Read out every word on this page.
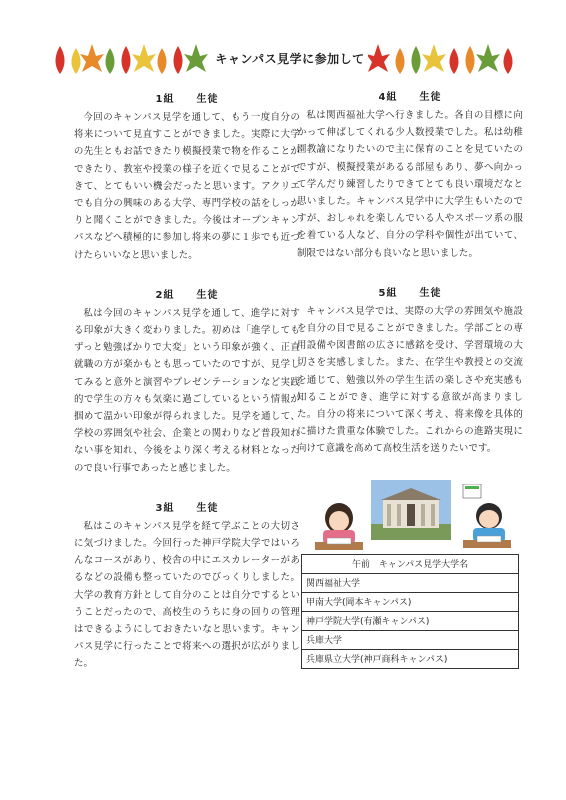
キャンパス見学に参加して
1組　　生徒

今回のキャンパス見学を通して、もう一度自分の将来について見直すことができました。実際に大学の先生ともお話できたり模擬授業で物を作ることができたり、教室や授業の様子を近くで見ることができて、とてもいい機会だったと思います。アクリエでも自分の興味のある大学、専門学校の話をしっかりと聞くことができました。今後はオープンキャンパスなどへ積極的に参加し将来の夢に１歩でも近づけたらいいなと思いました。

2組　　生徒

私は今回のキャンパス見学を通して、進学に対する印象が大きく変わりました。初めは「進学してもずっと勉強ばかりで大変」という印象が強く、正直就職の方が楽かもとも思っていたのですが、見学してみると意外と演習やプレゼンテーションなど実践的で学生の方々も気楽に過ごしているという情報が掴めて温かい印象が得られました。見学を通して、学校の雰囲気や社会、企業との関わりなど普段知れない事を知れ、今後をより深く考える材料となったので良い行事であったと感じました。

3組　　生徒

私はこのキャンパス見学を経て学ぶことの大切さに気づけました。今回行った神戸学院大学ではいろんなコースがあり、校舎の中にエスカレーターがあるなどの設備も整っていたのでびっくりしました。大学の教育方針として自分のことは自分でするということだったので、高校生のうちに身の回りの管理はできるようにしておきたいなと思います。キャンパス見学に行ったことで将来への選択が広がりました。

4組　　生徒

私は関西福祉大学へ行きました。各自の目標に向かって伸ばしてくれる少人数授業でした。私は幼稚園教諭になりたいので主に保育のことを見ていたのですが、模擬授業があるる部屋もあり、夢へ向かって学んだり練習したりできてとても良い環境だなと思いました。キャンパス見学中に大学生もいたのですが、おしゃれを楽しんでいる人やスポーツ系の服を着ている人など、自分の学科や個性が出ていて、制限ではない部分も良いなと思いました。

5組　　生徒

キャンパス見学では、実際の大学の雰囲気や施設を自分の目で見ることができました。学部ごとの専用設備や図書館の広さに感銘を受け、学習環境の大切さを実感しました。また、在学生や教授との交流を通じて、勉強以外の学生生活の楽しさや充実感も知ることができ、進学に対する意欲が高まりました。自分の将来について深く考え、将来像を具体的に描けた貴重な体験でした。これからの進路実現に向けて意識を高めて高校生活を送りたいです。

午前　キャンパス見学大学名
関西福祉大学
甲南大学(岡本キャンパス)
神戸学院大学(有瀬キャンパス)
兵庫大学
兵庫県立大学(神戸商科キャンパス)
